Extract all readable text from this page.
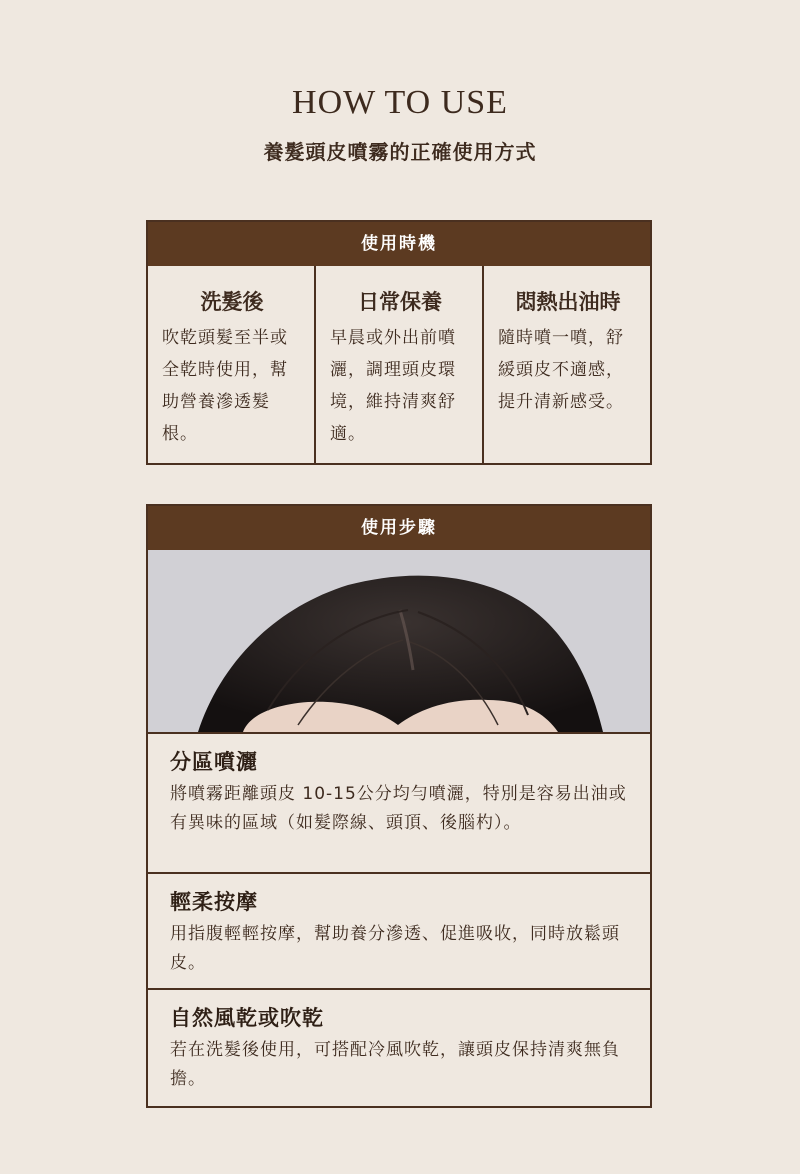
HOW TO USE
養髮頭皮噴霧的正確使用方式
使用時機
洗髮後
吹乾頭髮至半或全乾時使用，幫助營養滲透髮根。
日常保養
早晨或外出前噴灑，調理頭皮環境，維持清爽舒適。
悶熱出油時
隨時噴一噴，舒緩頭皮不適感，提升清新感受。
使用步驟
分區噴灑
將噴霧距離頭皮 10-15公分均勻噴灑，特別是容易出油或有異味的區域（如髮際線、頭頂、後腦杓）。
輕柔按摩
用指腹輕輕按摩，幫助養分滲透、促進吸收，同時放鬆頭皮。
自然風乾或吹乾
若在洗髮後使用，可搭配冷風吹乾，讓頭皮保持清爽無負擔。
